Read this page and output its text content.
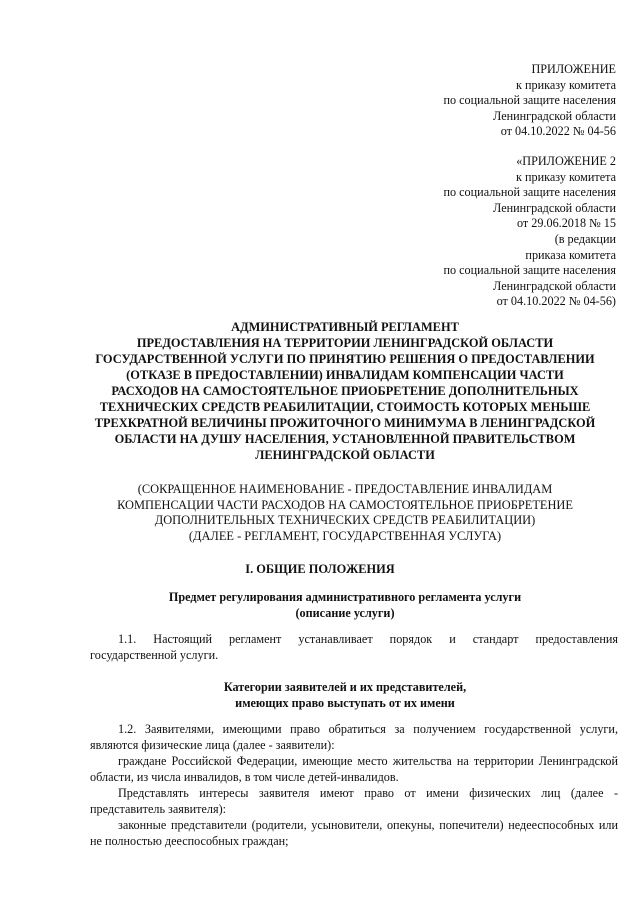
ПРИЛОЖЕНИЕ
к приказу комитета
по социальной защите населения
Ленинградской области
от 04.10.2022 № 04-56
«ПРИЛОЖЕНИЕ 2
к приказу комитета
по социальной защите населения
Ленинградской области
от 29.06.2018 № 15
(в редакции
приказа комитета
по социальной защите населения
Ленинградской области
от 04.10.2022 № 04-56)
АДМИНИСТРАТИВНЫЙ РЕГЛАМЕНТ
ПРЕДОСТАВЛЕНИЯ НА ТЕРРИТОРИИ ЛЕНИНГРАДСКОЙ ОБЛАСТИ
ГОСУДАРСТВЕННОЙ УСЛУГИ ПО ПРИНЯТИЮ РЕШЕНИЯ О ПРЕДОСТАВЛЕНИИ
(ОТКАЗЕ В ПРЕДОСТАВЛЕНИИ) ИНВАЛИДАМ КОМПЕНСАЦИИ ЧАСТИ
РАСХОДОВ НА САМОСТОЯТЕЛЬНОЕ ПРИОБРЕТЕНИЕ ДОПОЛНИТЕЛЬНЫХ
ТЕХНИЧЕСКИХ СРЕДСТВ РЕАБИЛИТАЦИИ, СТОИМОСТЬ КОТОРЫХ МЕНЬШЕ
ТРЕХКРАТНОЙ ВЕЛИЧИНЫ ПРОЖИТОЧНОГО МИНИМУМА В ЛЕНИНГРАДСКОЙ
ОБЛАСТИ НА ДУШУ НАСЕЛЕНИЯ, УСТАНОВЛЕННОЙ ПРАВИТЕЛЬСТВОМ
ЛЕНИНГРАДСКОЙ ОБЛАСТИ
(СОКРАЩЕННОЕ НАИМЕНОВАНИЕ - ПРЕДОСТАВЛЕНИЕ ИНВАЛИДАМ
КОМПЕНСАЦИИ ЧАСТИ РАСХОДОВ НА САМОСТОЯТЕЛЬНОЕ ПРИОБРЕТЕНИЕ
ДОПОЛНИТЕЛЬНЫХ ТЕХНИЧЕСКИХ СРЕДСТВ РЕАБИЛИТАЦИИ)
(ДАЛЕЕ - РЕГЛАМЕНТ, ГОСУДАРСТВЕННАЯ УСЛУГА)
I. ОБЩИЕ ПОЛОЖЕНИЯ
Предмет регулирования административного регламента услуги
(описание услуги)
1.1. Настоящий регламент устанавливает порядок и стандарт предоставления
государственной услуги.
Категории заявителей и их представителей,
имеющих право выступать от их имени
1.2. Заявителями, имеющими право обратиться за получением государственной услуги,
являются физические лица (далее - заявители):
граждане Российской Федерации, имеющие место жительства на территории Ленинградской
области, из числа инвалидов, в том числе детей-инвалидов.
Представлять интересы заявителя имеют право от имени физических лиц (далее -
представитель заявителя):
законные представители (родители, усыновители, опекуны, попечители) недееспособных или
не полностью дееспособных граждан;
